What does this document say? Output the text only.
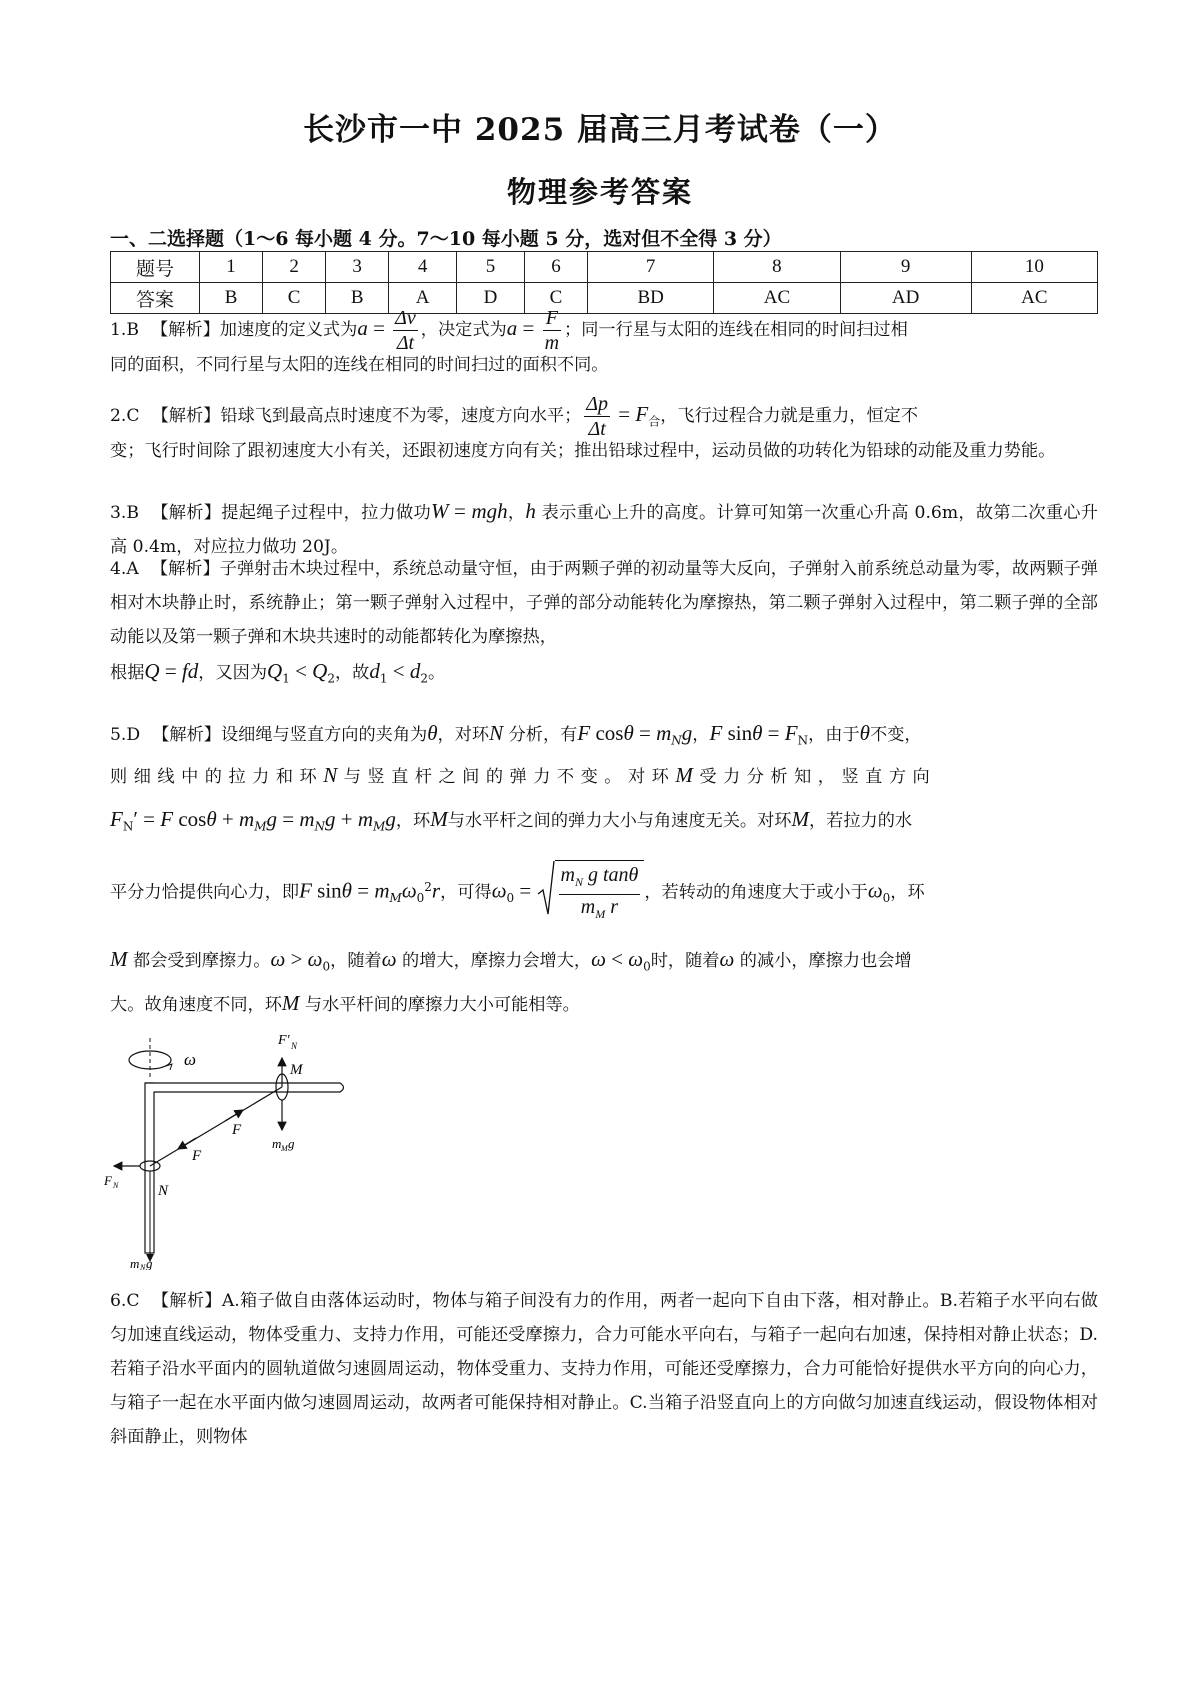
长沙市一中 2025 届高三月考试卷（一）
物理参考答案
一、二选择题（1～6 每小题 4 分。7～10 每小题 5 分，选对但不全得 3 分）
题号	1	2	3	4	5	6	7	8	9	10
答案	B	C	B	A	D	C	BD	AC	AD	AC
1.B 【解析】加速度的定义式为$a = \frac{\Delta v}{\Delta t}$ ，决定式为$a = \frac{F}{m}$ ；同一行星与太阳的连线在相同的时间扫过相
同的面积，不同行星与太阳的连线在相同的时间扫过的面积不同。
2.C 【解析】铅球飞到最高点时速度不为零，速度方向水平； $\frac{\Delta p}{\Delta t} = F_合$，飞行过程合力就是重力，恒定不
变；飞行时间除了跟初速度大小有关，还跟初速度方向有关；推出铅球过程中，运动员做的功转化为铅球的动能及重力势能。
3.B 【解析】提起绳子过程中，拉力做功W = mgh，h 表示重心上升的高度。计算可知第一次重心升高 0.6m，故第二次重心升高 0.4m，对应拉力做功 20J。
4.A 【解析】子弹射击木块过程中，系统总动量守恒，由于两颗子弹的初动量等大反向，子弹射入前系统总动量为零，故两颗子弹相对木块静止时，系统静止；第一颗子弹射入过程中，子弹的部分动能转化为摩擦热，第二颗子弹射入过程中，第二颗子弹的全部动能以及第一颗子弹和木块共速时的动能都转化为摩擦热，
根据Q = fd，又因为$Q_1 < Q_2$，故$d_1 < d_2$。
5.D 【解析】设细绳与竖直方向的夹角为θ，对环N 分析，有F $\cos\theta = m_Ng$，F $\sin\theta = F_N$，由于θ不变，
则细线中的拉力和环N与竖直杆之间的弹力不变。对环M受力分析知，竖直方向
$F_N' = F$ $\cos\theta + m_Mg = m_Ng + m_Mg$，环M与水平杆之间的弹力大小与角速度无关。对环M，若拉力的水
平分力恰提供向心力，即F $\sin\theta = m_M\omega_0^2r$，可得$\omega_0 = \frac{m_N g \tan\theta}{m_M r}$ ，若转动的角速度大于或小于$\omega_0$，环
M 都会受到摩擦力。$\omega > \omega_0$，随着ω 的增大，摩擦力会增大，$\omega < \omega_0$时，随着ω 的减小，摩擦力也会增
大。故角速度不同，环M 与水平杆间的摩擦力大小可能相等。
ω
F
F
F′ N
M
m M g
F N	N
m N g
6.C 【解析】A.箱子做自由落体运动时，物体与箱子间没有力的作用，两者一起向下自由下落，相对静止。B.若箱子水平向右做匀加速直线运动，物体受重力、支持力作用，可能还受摩擦力，合力可能水平向右，与箱子一起向右加速，保持相对静止状态；D.若箱子沿水平面内的圆轨道做匀速圆周运动，物体受重力、支持力作用，可能还受摩擦力，合力可能恰好提供水平方向的向心力，与箱子一起在水平面内做匀速圆周运动，故两者可能保持相对静止。C.当箱子沿竖直向上的方向做匀加速直线运动，假设物体相对斜面静止，则物体
